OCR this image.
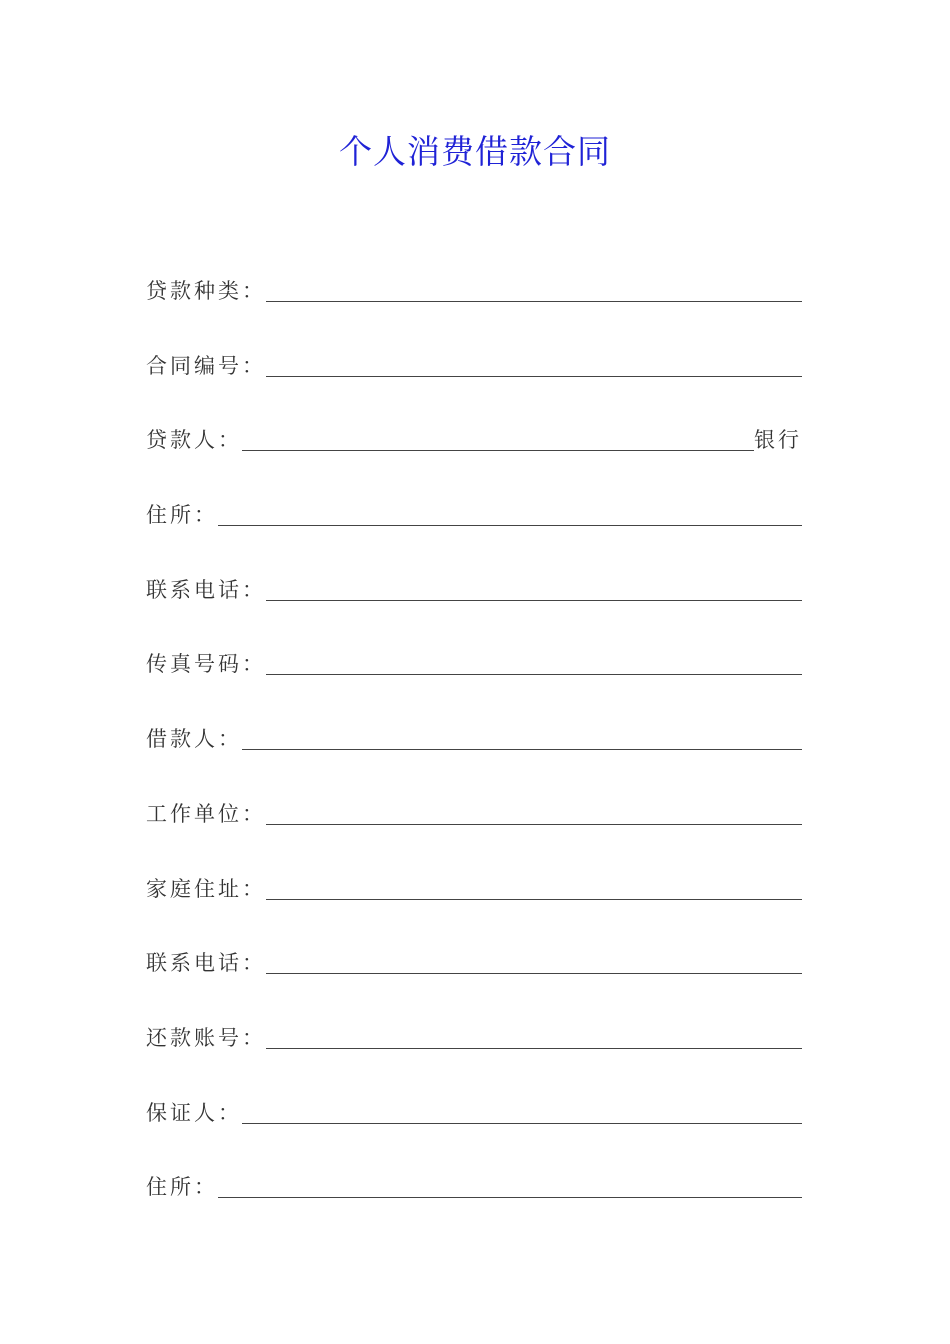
个人消费借款合同
贷款种类：
合同编号：
贷款人：	银行
住所：
联系电话：
传真号码：
借款人：
工作单位：
家庭住址：
联系电话：
还款账号：
保证人：
住所：
